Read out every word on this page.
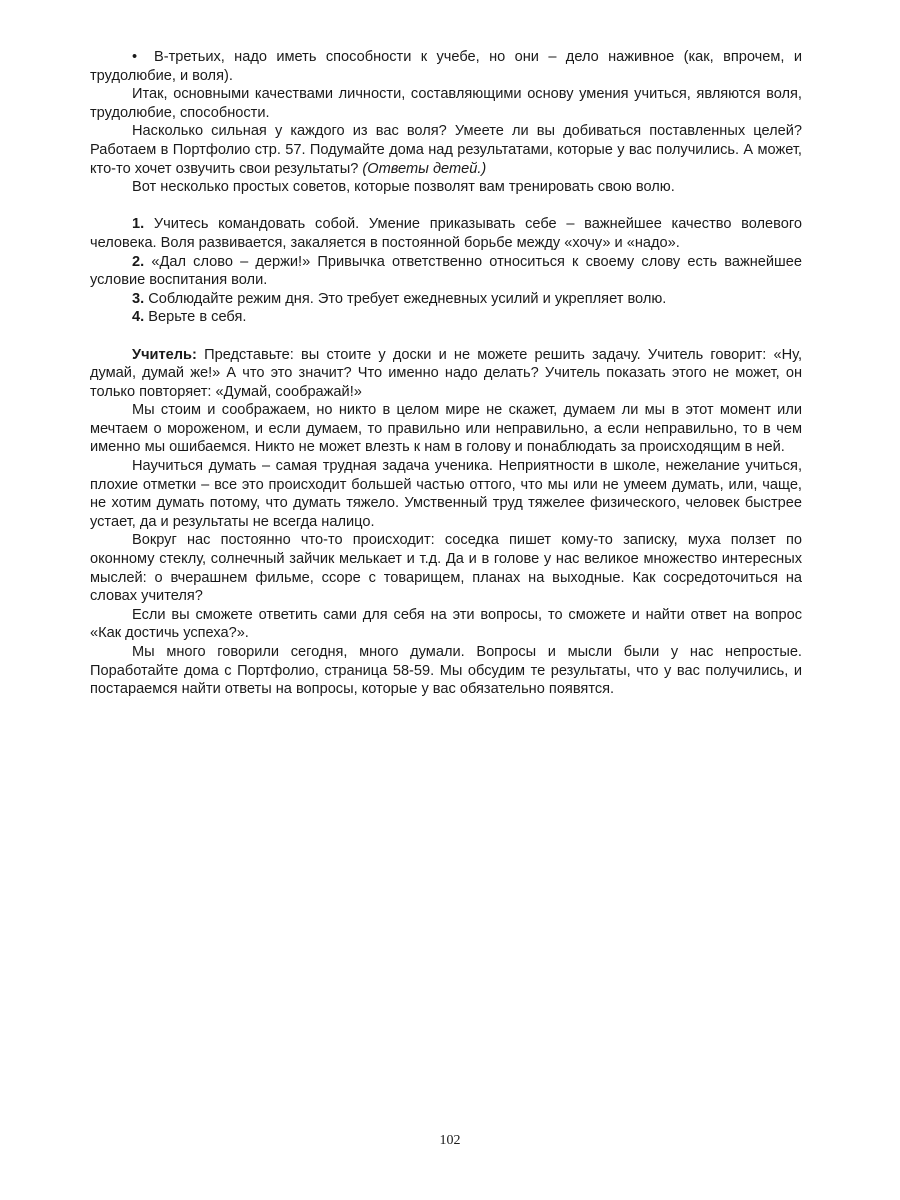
• В-третьих, надо иметь способности к учебе, но они – дело наживное (как, впрочем, и трудолюбие, и воля).

Итак, основными качествами личности, составляющими основу умения учиться, являются воля, трудолюбие, способности.

Насколько сильная у каждого из вас воля? Умеете ли вы добиваться поставленных целей? Работаем в Портфолио стр. 57. Подумайте дома над результатами, которые у вас получились. А может, кто-то хочет озвучить свои результаты? (Ответы детей.)

Вот несколько простых советов, которые позволят вам тренировать свою волю.

1. Учитесь командовать собой. Умение приказывать себе – важнейшее качество волевого человека. Воля развивается, закаляется в постоянной борьбе между «хочу» и «надо».

2. «Дал слово – держи!» Привычка ответственно относиться к своему слову есть важнейшее условие воспитания воли.

3. Соблюдайте режим дня. Это требует ежедневных усилий и укрепляет волю.

4. Верьте в себя.

Учитель: Представьте: вы стоите у доски и не можете решить задачу. Учитель говорит: «Ну, думай, думай же!» А что это значит? Что именно надо делать? Учитель показать этого не может, он только повторяет: «Думай, соображай!»

Мы стоим и соображаем, но никто в целом мире не скажет, думаем ли мы в этот момент или мечтаем о мороженом, и если думаем, то правильно или неправильно, а если неправильно, то в чем именно мы ошибаемся. Никто не может влезть к нам в голову и понаблюдать за происходящим в ней.

Научиться думать – самая трудная задача ученика. Неприятности в школе, нежелание учиться, плохие отметки – все это происходит большей частью оттого, что мы или не умеем думать, или, чаще, не хотим думать потому, что думать тяжело. Умственный труд тяжелее физического, человек быстрее устает, да и результаты не всегда налицо.

Вокруг нас постоянно что-то происходит: соседка пишет кому-то записку, муха ползет по оконному стеклу, солнечный зайчик мелькает и т.д. Да и в голове у нас великое множество интересных мыслей: о вчерашнем фильме, ссоре с товарищем, планах на выходные. Как сосредоточиться на словах учителя?

Если вы сможете ответить сами для себя на эти вопросы, то сможете и найти ответ на вопрос «Как достичь успеха?».

Мы много говорили сегодня, много думали. Вопросы и мысли были у нас непростые. Поработайте дома с Портфолио, страница 58-59. Мы обсудим те результаты, что у вас получились, и постараемся найти ответы на вопросы, которые у вас обязательно появятся.

102
